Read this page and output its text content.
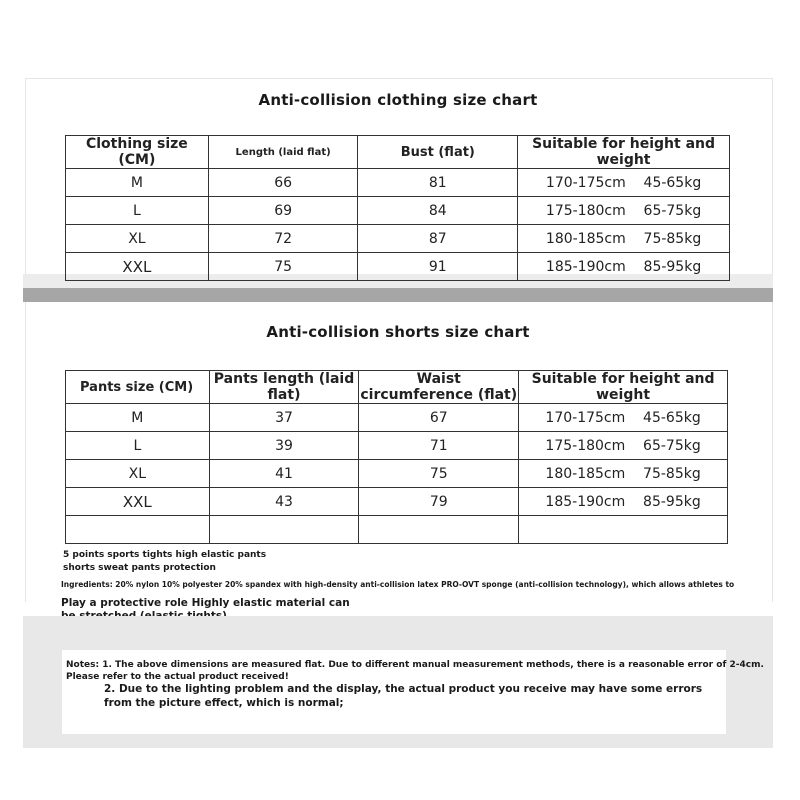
Anti-collision clothing size chart
Clothing size (CM)	Length (laid flat)	Bust (flat)	Suitable for height and weight
M	66	81	170-175cm    45-65kg
L	69	84	175-180cm    65-75kg
XL	72	87	180-185cm    75-85kg
XXL	75	91	185-190cm    85-95kg
Anti-collision shorts size chart
Pants size (CM)	Pants length (laid flat)	Waist circumference (flat)	Suitable for height and weight
M	37	67	170-175cm    45-65kg
L	39	71	175-180cm    65-75kg
XL	41	75	180-185cm    75-85kg
XXL	43	79	185-190cm    85-95kg

5 points sports tights high elastic pants
shorts sweat pants protection
Ingredients: 20% nylon 10% polyester 20% spandex with high-density anti-collision latex PRO-OVT sponge (anti-collision technology), which allows athletes to
Play a protective role Highly elastic material can
Notes: 1. The above dimensions are measured flat. Due to different manual measurement methods, there is a reasonable error of 2-4cm.
Please refer to the actual product received!
2. Due to the lighting problem and the display, the actual product you receive may have some errors
from the picture effect, which is normal;
